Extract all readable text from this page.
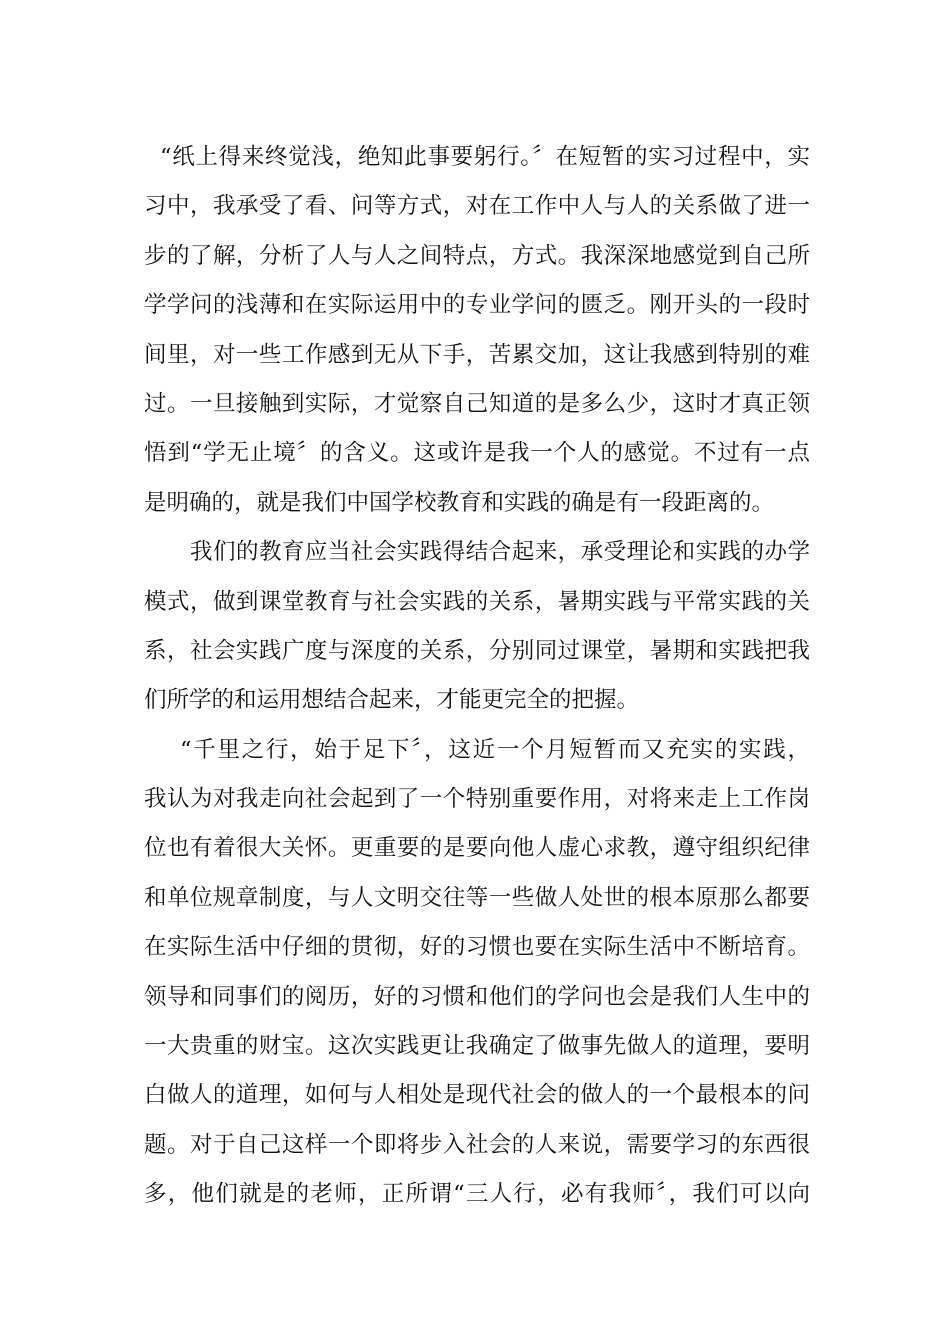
“纸上得来终觉浅，绝知此事要躬行。〞在短暂的实习过程中，实
习中，我承受了看、问等方式，对在工作中人与人的关系做了进一
步的了解，分析了人与人之间特点，方式。我深深地感觉到自己所
学学问的浅薄和在实际运用中的专业学问的匮乏。刚开头的一段时
间里，对一些工作感到无从下手，苦累交加，这让我感到特别的难
过。一旦接触到实际，才觉察自己知道的是多么少，这时才真正领
悟到“学无止境〞的含义。这或许是我一个人的感觉。不过有一点
是明确的，就是我们中国学校教育和实践的确是有一段距离的。
我们的教育应当社会实践得结合起来，承受理论和实践的办学
模式，做到课堂教育与社会实践的关系，暑期实践与平常实践的关
系，社会实践广度与深度的关系，分别同过课堂，暑期和实践把我
们所学的和运用想结合起来，才能更完全的把握。
“千里之行，始于足下〞，这近一个月短暂而又充实的实践，
我认为对我走向社会起到了一个特别重要作用，对将来走上工作岗
位也有着很大关怀。更重要的是要向他人虚心求教，遵守组织纪律
和单位规章制度，与人文明交往等一些做人处世的根本原那么都要
在实际生活中仔细的贯彻，好的习惯也要在实际生活中不断培育。
领导和同事们的阅历，好的习惯和他们的学问也会是我们人生中的
一大贵重的财宝。这次实践更让我确定了做事先做人的道理，要明
白做人的道理，如何与人相处是现代社会的做人的一个最根本的问
题。对于自己这样一个即将步入社会的人来说，需要学习的东西很
多，他们就是的老师，正所谓“三人行，必有我师〞，我们可以向
